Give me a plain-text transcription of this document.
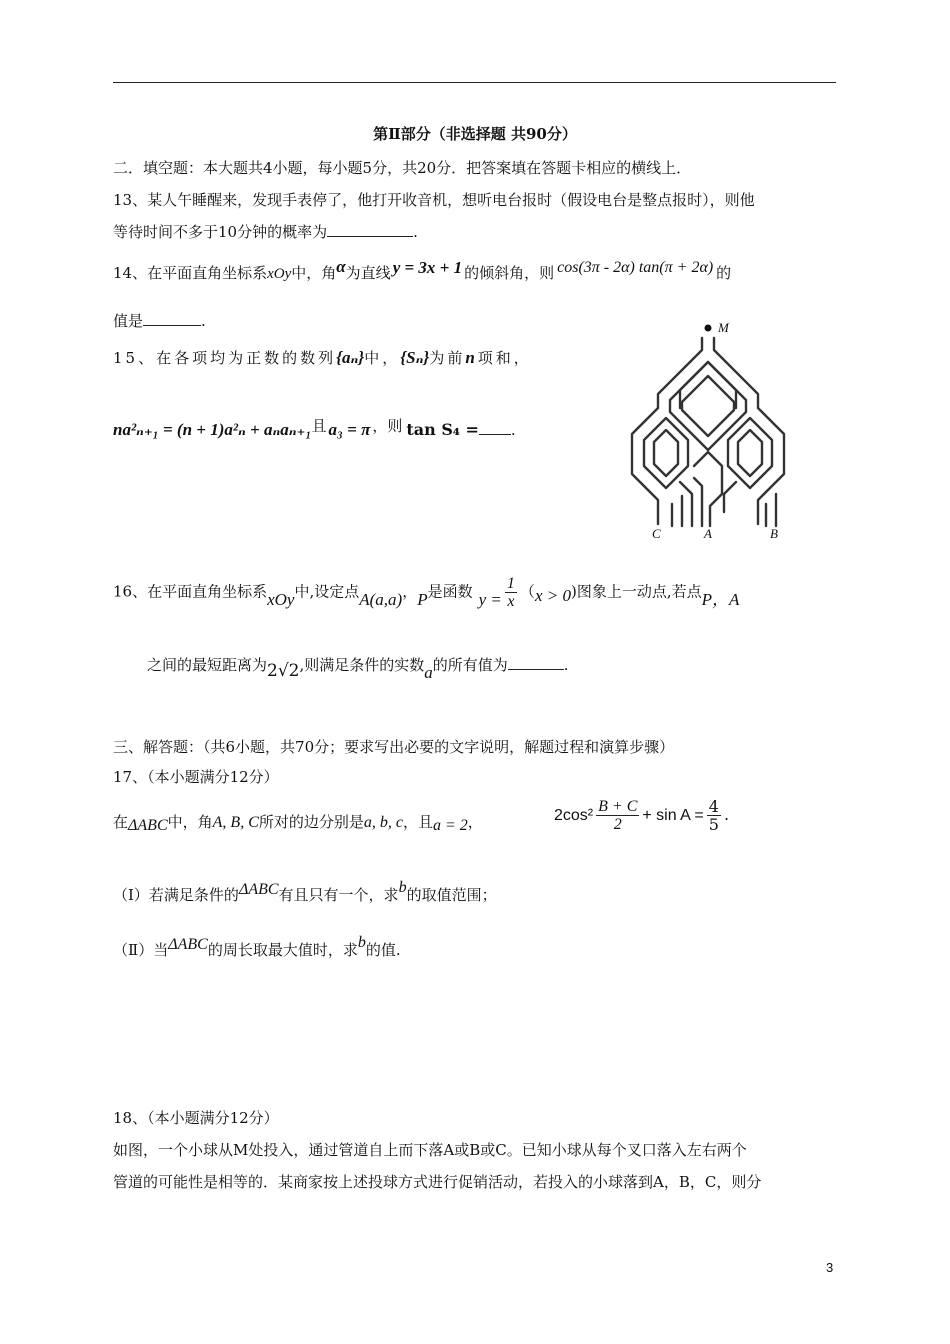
第Ⅱ部分（非选择题 共90分）
二．填空题：本大题共4小题，每小题5分，共20分．把答案填在答题卡相应的横线上．
13、某人午睡醒来，发现手表停了，他打开收音机，想听电台报时（假设电台是整点报时），则他
等待时间不多于10分钟的概率为	.
14、在平面直角坐标系xOy中，角α为直线 y = 3x + 1 的倾斜角，则 cos(3π - 2α) tan(π + 2α) 的
值是	.
15、在各项均为正数的数列{aₙ}中，{Sₙ}为前n项和，
na²ₙ₊₁ = (n + 1)a²ₙ + aₙaₙ₊₁且 a₃ = π ，则 tan S₄ = .
M
C	A	B
16、在平面直角坐标系xOy中,设定点A(a,a)，P是函数 $y = \frac{1}{x} (x > 0)$图象上一动点,若点P，A
之间的最短距离为2√2,则满足条件的实数a的所有值为	.
三、解答题：（共6小题，共70分；要求写出必要的文字说明，解题过程和演算步骤）
17、（本小题满分12分）
在ΔABC中，角A, B, C所对的边分别是a, b, c，且a = 2，	$2\cos^2 \frac{B + C}{2} + \sin A = \frac{4}{5}$ .
（Ⅰ）若满足条件的ΔABC有且只有一个，求b的取值范围；
（Ⅱ）当ΔABC的周长取最大值时，求b的值.
18、（本小题满分12分）
如图，一个小球从M处投入，通过管道自上而下落A或B或C。已知小球从每个叉口落入左右两个
管道的可能性是相等的．某商家按上述投球方式进行促销活动，若投入的小球落到A，B，C，则分
3
